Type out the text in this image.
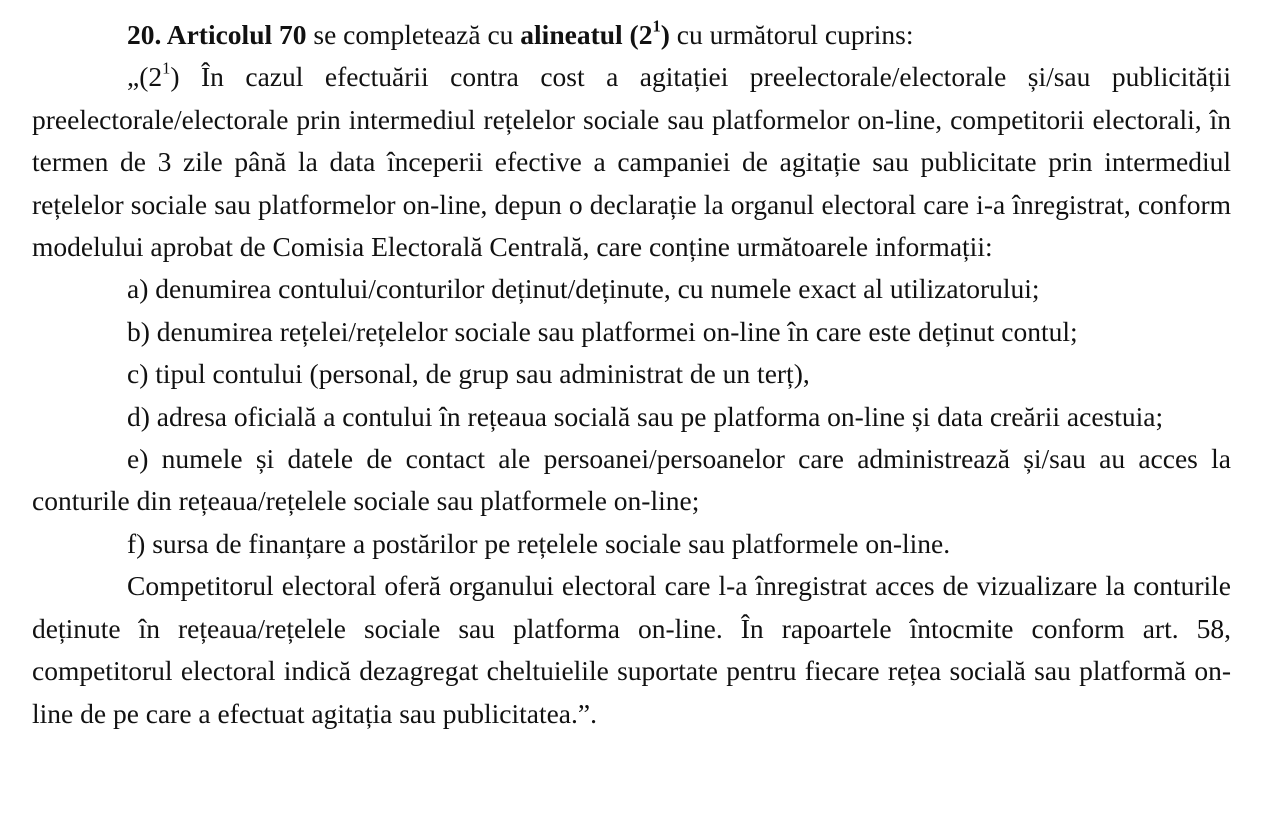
20. Articolul 70 se completează cu alineatul $(2^1)$ cu următorul cuprins:

$„(2^1)$ În cazul efectuării contra cost a agitației preelectorale/electorale și/sau publicității preelectorale/electorale prin intermediul rețelelor sociale sau platformelor on-line, competitorii electorali, în termen de 3 zile până la data începerii efective a campaniei de agitație sau publicitate prin intermediul rețelelor sociale sau platformelor on-line, depun o declarație la organul electoral care i-a înregistrat, conform modelului aprobat de Comisia Electorală Centrală, care conține următoarele informații:

a) denumirea contului/conturilor deținut/deținute, cu numele exact al utilizatorului;

b) denumirea rețelei/rețelelor sociale sau platformei on-line în care este deținut contul;

c) tipul contului (personal, de grup sau administrat de un terț),

d) adresa oficială a contului în rețeaua socială sau pe platforma on-line și data creării acestuia;

e) numele și datele de contact ale persoanei/persoanelor care administrează și/sau au acces la conturile din rețeaua/rețelele sociale sau platformele on-line;

f) sursa de finanțare a postărilor pe rețelele sociale sau platformele on-line.

Competitorul electoral oferă organului electoral care l-a înregistrat acces de vizualizare la conturile deținute în rețeaua/rețelele sociale sau platforma on-line. În rapoartele întocmite conform art. 58, competitorul electoral indică dezagregat cheltuielile suportate pentru fiecare rețea socială sau platformă on-line de pe care a efectuat agitația sau publicitatea.”.
